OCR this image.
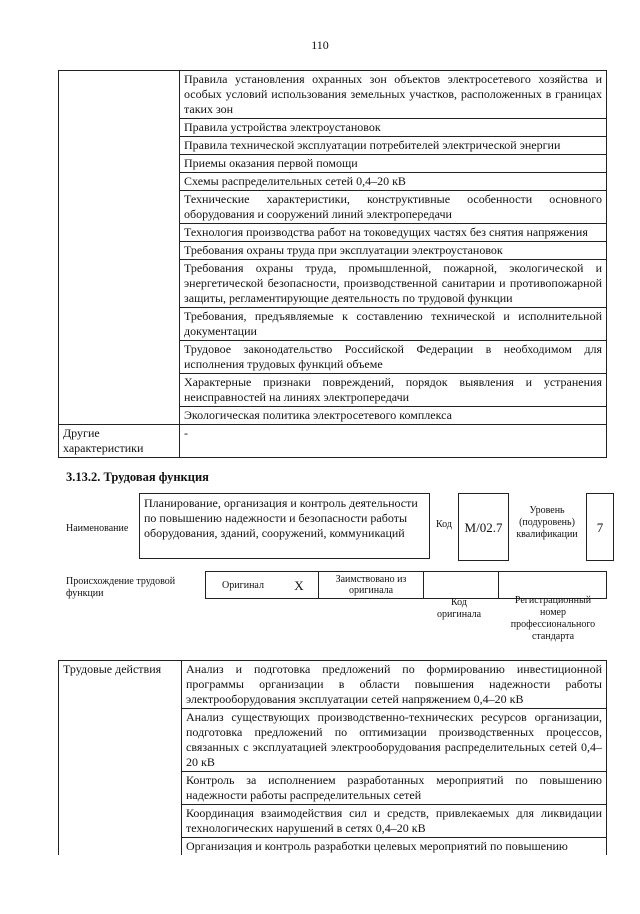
110
	Правила установления охранных зон объектов электросетевого хозяйства и особых условий использования земельных участков, расположенных в границах таких зон
	Правила устройства электроустановок
	Правила технической эксплуатации потребителей электрической энергии
	Приемы оказания первой помощи
	Схемы распределительных сетей 0,4–20 кВ
	Технические характеристики, конструктивные особенности основного оборудования и сооружений линий электропередачи
	Технология производства работ на токоведущих частях без снятия напряжения
	Требования охраны труда при эксплуатации электроустановок
	Требования охраны труда, промышленной, пожарной, экологической и энергетической безопасности, производственной санитарии и противопожарной защиты, регламентирующие деятельность по трудовой функции
	Требования, предъявляемые к составлению технической и исполнительной документации
	Трудовое законодательство Российской Федерации в необходимом для исполнения трудовых функций объеме
	Характерные признаки повреждений, порядок выявления и устранения неисправностей на линиях электропередачи
	Экологическая политика электросетевого комплекса
Другие характеристики	-
3.13.2. Трудовая функция
Наименование
Планирование, организация и контроль деятельности по повышению надежности и безопасности работы оборудования, зданий, сооружений, коммуникаций
Код M/02.7
Уровень (подуровень) квалификации	7
Происхождение трудовой функции
Оригинал	X	Заимствовано из оригинала		
Код оригинала
Регистрационный номер профессионального стандарта
Трудовые действия	Анализ и подготовка предложений по формированию инвестиционной программы организации в области повышения надежности работы электрооборудования эксплуатации сетей напряжением 0,4–20 кВ
Анализ существующих производственно-технических ресурсов организации, подготовка предложений по оптимизации производственных процессов, связанных с эксплуатацией электрооборудования распределительных сетей 0,4–20 кВ
Контроль за исполнением разработанных мероприятий по повышению надежности работы распределительных сетей
Координация взаимодействия сил и средств, привлекаемых для ликвидации технологических нарушений в сетях 0,4–20 кВ
Организация и контроль разработки целевых мероприятий по повышению
